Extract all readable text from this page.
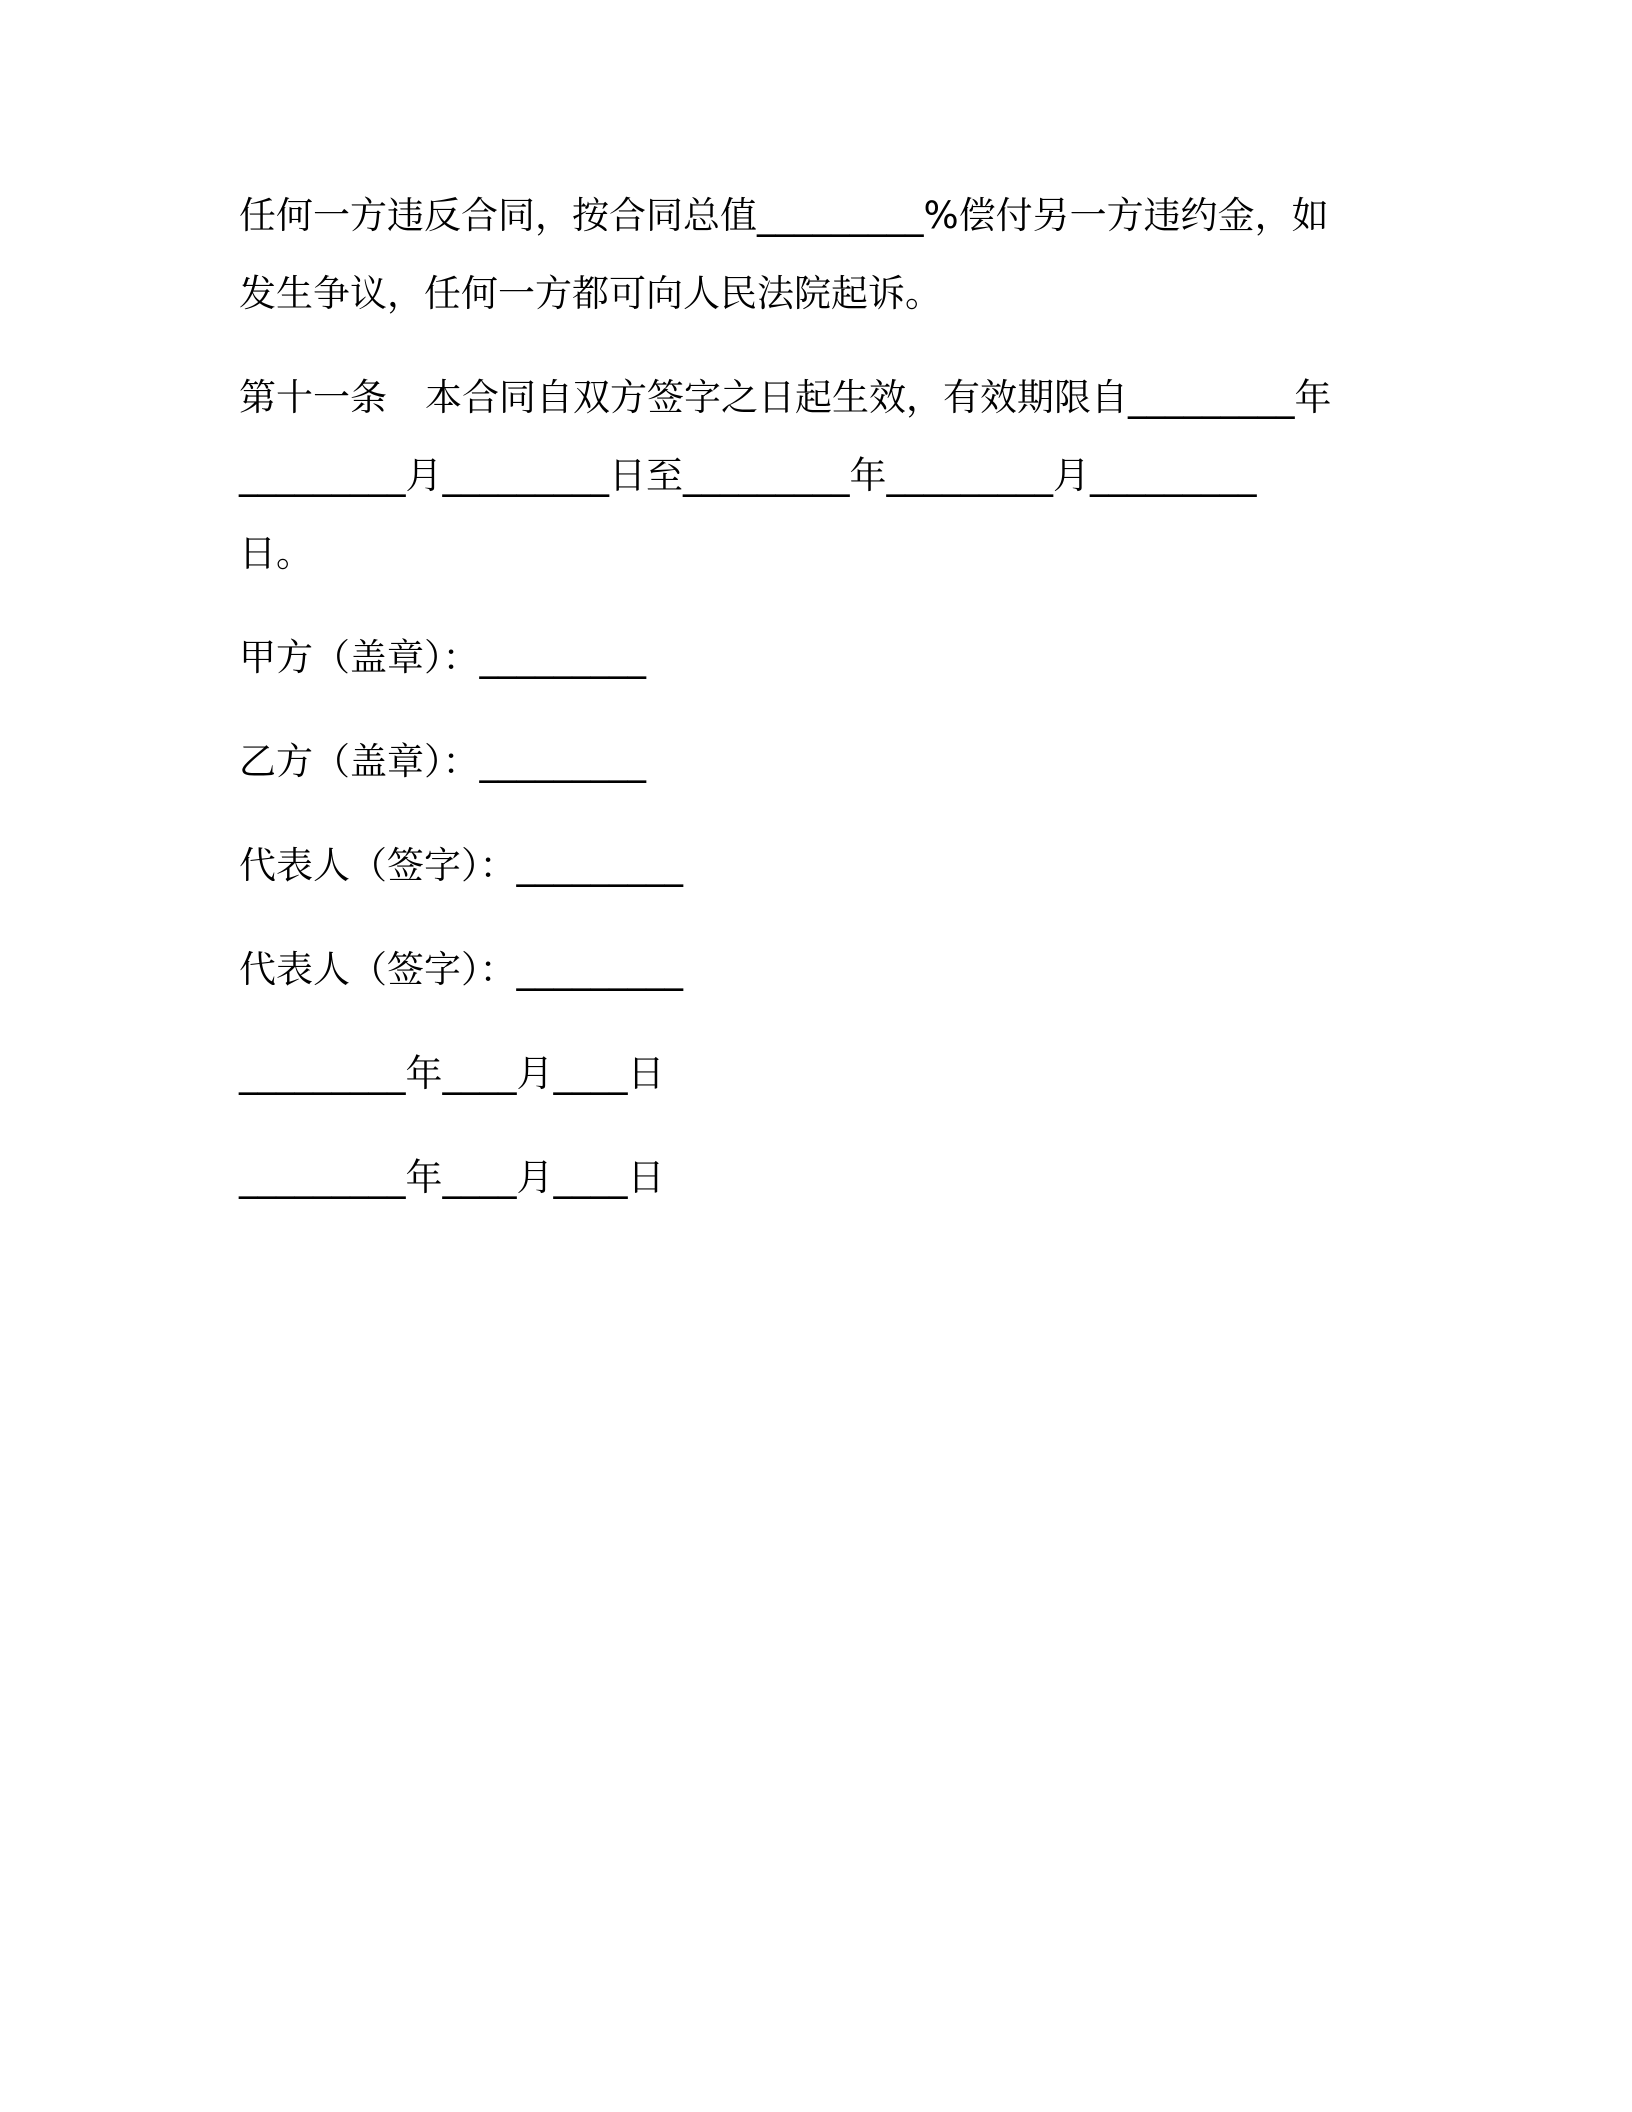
任何一方违反合同，按合同总值_________%偿付另一方违约金，如

发生争议，任何一方都可向人民法院起诉。

第十一条 本合同自双方签字之日起生效，有效期限自_________年

_________月_________日至_________年_________月_________

日。

甲方（盖章）：_________

乙方（盖章）：_________

代表人（签字）：_________

代表人（签字）：_________

_________年____月____日

_________年____月____日
